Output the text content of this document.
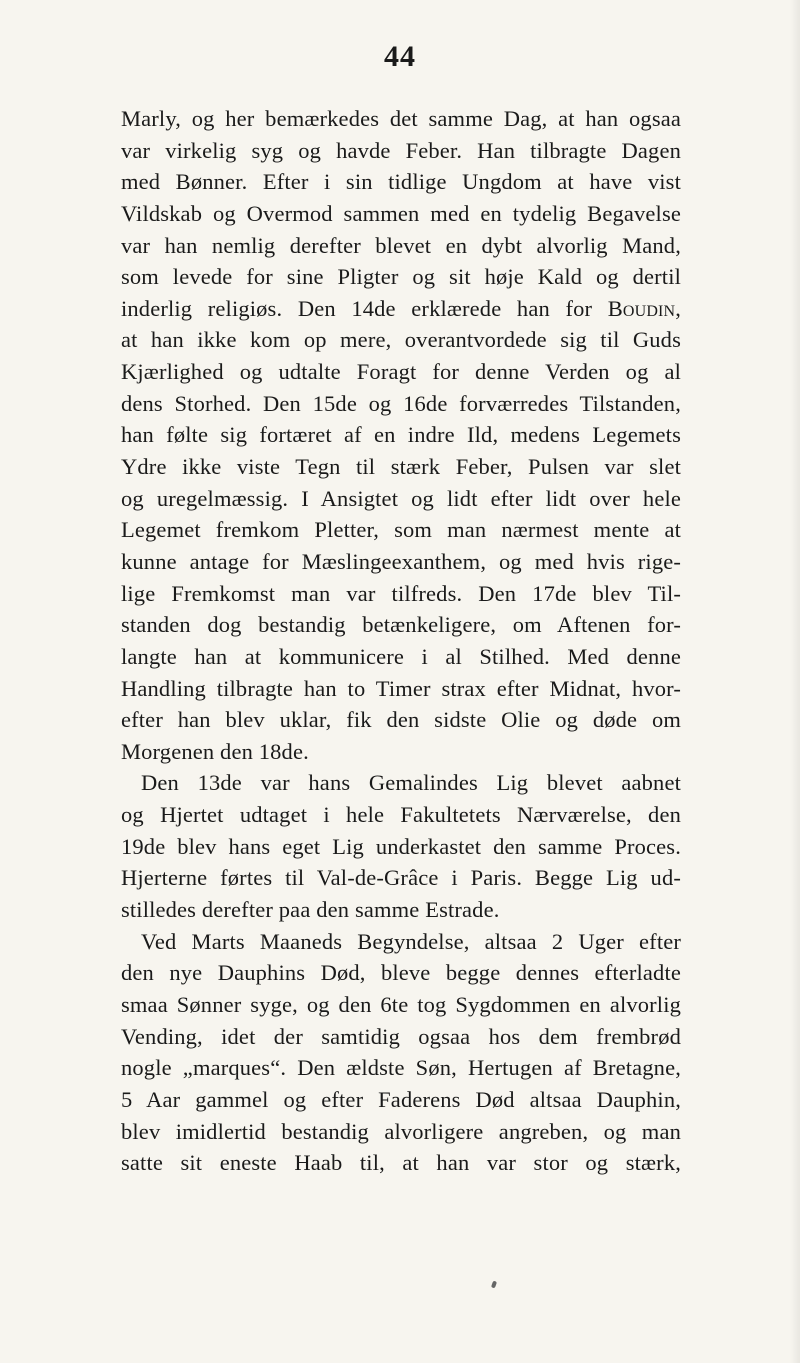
44
Marly, og her bemærkedes det samme Dag, at han ogsaa
var virkelig syg og havde Feber. Han tilbragte Dagen
med Bønner. Efter i sin tidlige Ungdom at have vist
Vildskab og Overmod sammen med en tydelig Begavelse
var han nemlig derefter blevet en dybt alvorlig Mand,
som levede for sine Pligter og sit høje Kald og dertil
inderlig religiøs. Den 14de erklærede han for Boudin,
at han ikke kom op mere, overantvordede sig til Guds
Kjærlighed og udtalte Foragt for denne Verden og al
dens Storhed. Den 15de og 16de forværredes Tilstanden,
han følte sig fortæret af en indre Ild, medens Legemets
Ydre ikke viste Tegn til stærk Feber, Pulsen var slet
og uregelmæssig. I Ansigtet og lidt efter lidt over hele
Legemet fremkom Pletter, som man nærmest mente at
kunne antage for Mæslingeexanthem, og med hvis rige-
lige Fremkomst man var tilfreds. Den 17de blev Til-
standen dog bestandig betænkeligere, om Aftenen for-
langte han at kommunicere i al Stilhed. Med denne
Handling tilbragte han to Timer strax efter Midnat, hvor-
efter han blev uklar, fik den sidste Olie og døde om
Morgenen den 18de.
Den 13de var hans Gemalindes Lig blevet aabnet
og Hjertet udtaget i hele Fakultetets Nærværelse, den
19de blev hans eget Lig underkastet den samme Proces.
Hjerterne førtes til Val-de-Grâce i Paris. Begge Lig ud-
stilledes derefter paa den samme Estrade.
Ved Marts Maaneds Begyndelse, altsaa 2 Uger efter
den nye Dauphins Død, bleve begge dennes efterladte
smaa Sønner syge, og den 6te tog Sygdommen en alvorlig
Vending, idet der samtidig ogsaa hos dem frembrød
nogle „marques“. Den ældste Søn, Hertugen af Bretagne,
5 Aar gammel og efter Faderens Død altsaa Dauphin,
blev imidlertid bestandig alvorligere angreben, og man
satte sit eneste Haab til, at han var stor og stærk,
